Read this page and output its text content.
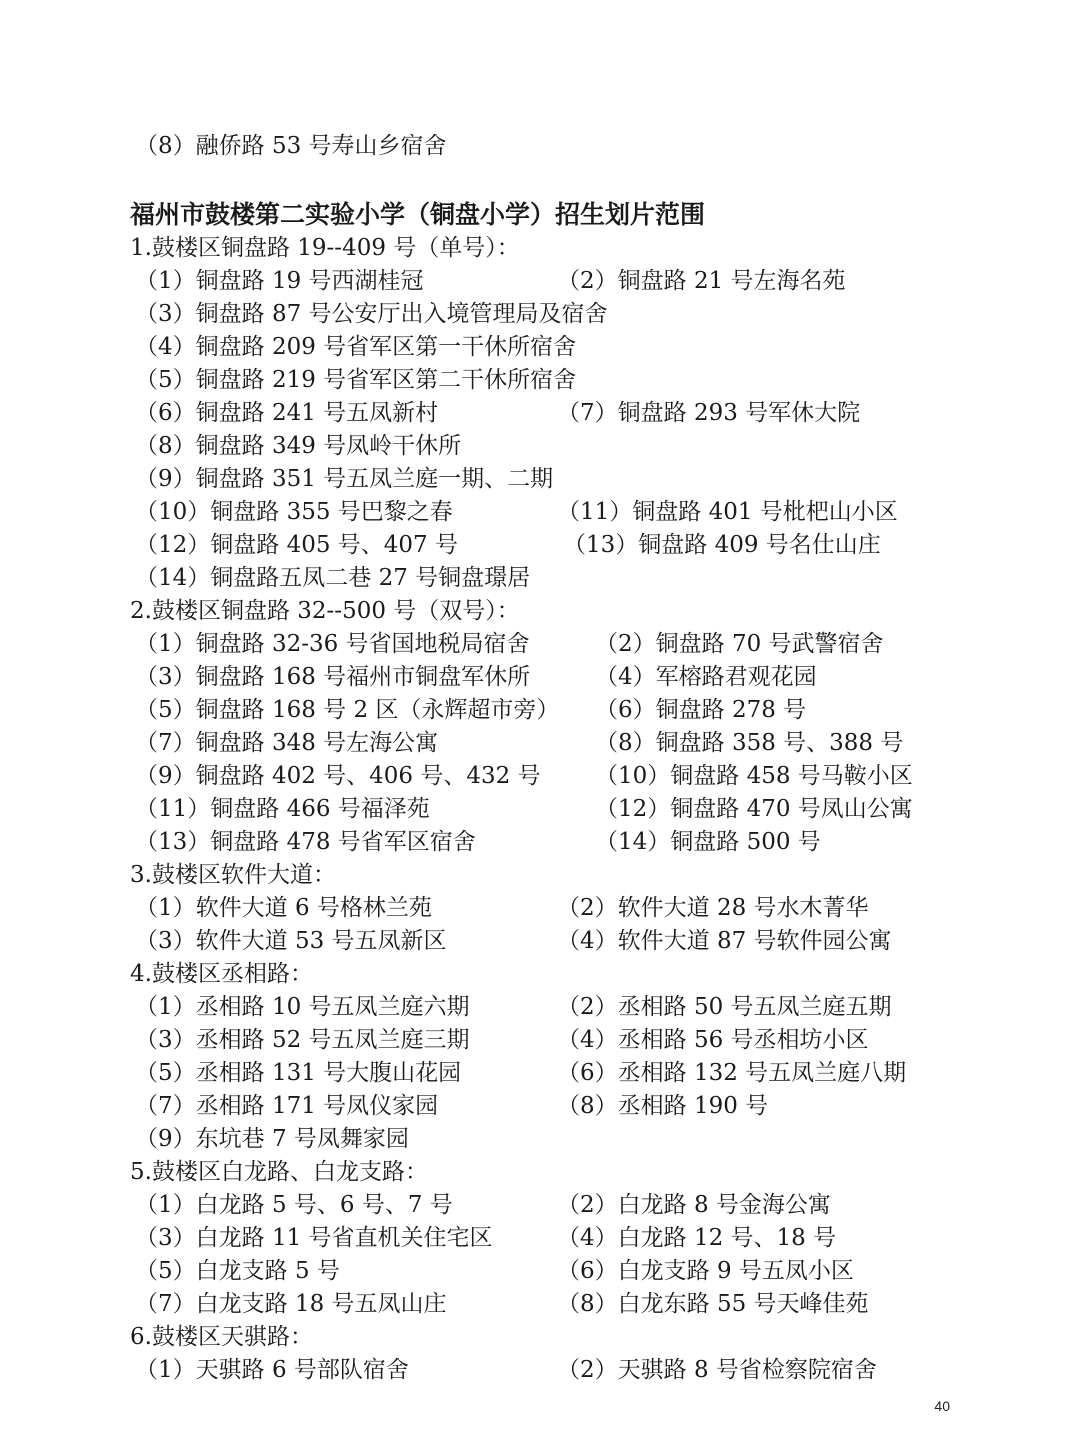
（8）融侨路 53 号寿山乡宿舍
福州市鼓楼第二实验小学（铜盘小学）招生划片范围
1.鼓楼区铜盘路 19--409 号（单号）：
（1）铜盘路 19 号西湖桂冠	（2）铜盘路 21 号左海名苑
（3）铜盘路 87 号公安厅出入境管理局及宿舍
（4）铜盘路 209 号省军区第一干休所宿舍
（5）铜盘路 219 号省军区第二干休所宿舍
（6）铜盘路 241 号五凤新村	（7）铜盘路 293 号军休大院
（8）铜盘路 349 号凤岭干休所
（9）铜盘路 351 号五凤兰庭一期、二期
（10）铜盘路 355 号巴黎之春	（11）铜盘路 401 号枇杷山小区
（12）铜盘路 405 号、407 号	（13）铜盘路 409 号名仕山庄
（14）铜盘路五凤二巷 27 号铜盘璟居
2.鼓楼区铜盘路 32--500 号（双号）：
（1）铜盘路 32-36 号省国地税局宿舍	（2）铜盘路 70 号武警宿舍
（3）铜盘路 168 号福州市铜盘军休所	（4）军榕路君观花园
（5）铜盘路 168 号 2 区（永辉超市旁） （6）铜盘路 278 号
（7）铜盘路 348 号左海公寓	（8）铜盘路 358 号、388 号
（9）铜盘路 402 号、406 号、432 号 （10）铜盘路 458 号马鞍小区
（11）铜盘路 466 号福泽苑	（12）铜盘路 470 号凤山公寓
（13）铜盘路 478 号省军区宿舍	（14）铜盘路 500 号
3.鼓楼区软件大道：
（1）软件大道 6 号格林兰苑	（2）软件大道 28 号水木菁华
（3）软件大道 53 号五凤新区	（4）软件大道 87 号软件园公寓
4.鼓楼区丞相路：
（1）丞相路 10 号五凤兰庭六期	（2）丞相路 50 号五凤兰庭五期
（3）丞相路 52 号五凤兰庭三期	（4）丞相路 56 号丞相坊小区
（5）丞相路 131 号大腹山花园	（6）丞相路 132 号五凤兰庭八期
（7）丞相路 171 号凤仪家园	（8）丞相路 190 号
（9）东坑巷 7 号凤舞家园
5.鼓楼区白龙路、白龙支路：
（1）白龙路 5 号、6 号、7 号	（2）白龙路 8 号金海公寓
（3）白龙路 11 号省直机关住宅区	（4）白龙路 12 号、18 号
（5）白龙支路 5 号	（6）白龙支路 9 号五凤小区
（7）白龙支路 18 号五凤山庄	（8）白龙东路 55 号天峰佳苑
6.鼓楼区天骐路：
（1）天骐路 6 号部队宿舍	（2）天骐路 8 号省检察院宿舍
40
